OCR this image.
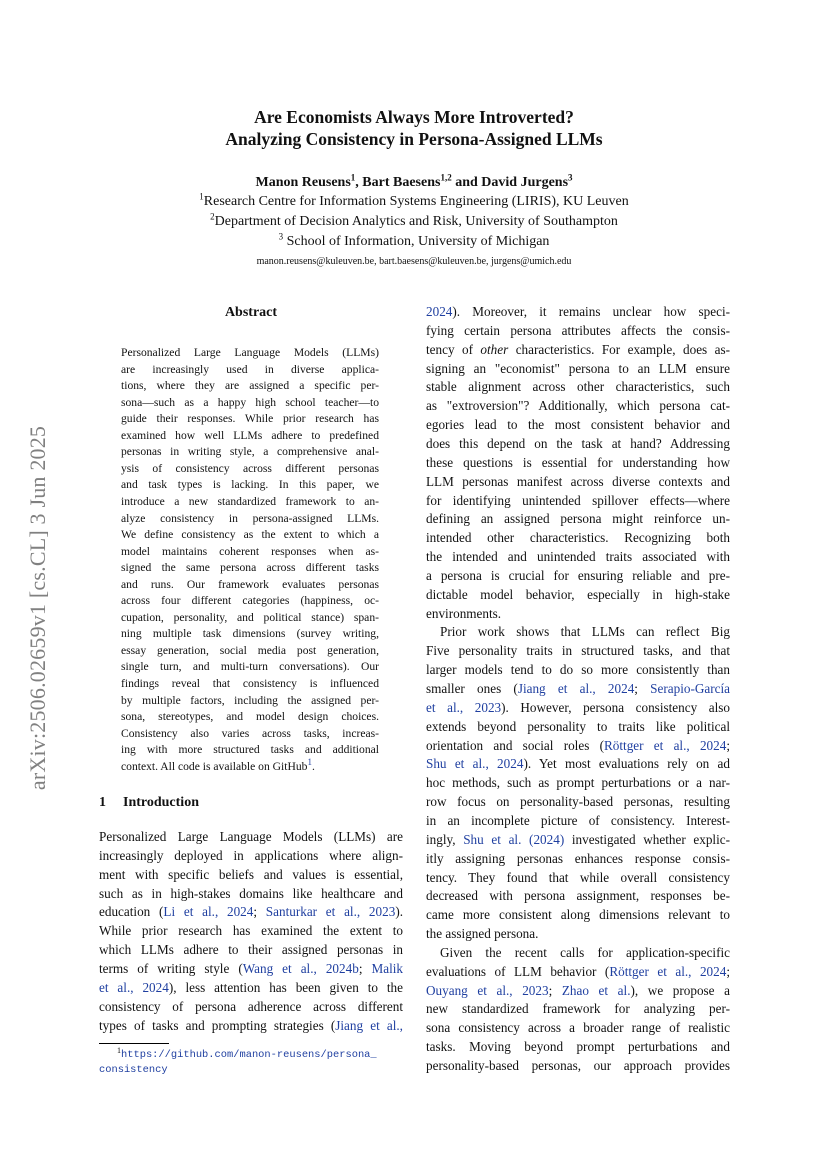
arXiv:2506.02659v1 [cs.CL] 3 Jun 2025
Are Economists Always More Introverted?
Analyzing Consistency in Persona-Assigned LLMs
Manon Reusens$^1$, Bart Baesens$^{1,2}$ and David Jurgens$^3$
$^1$Research Centre for Information Systems Engineering (LIRIS), KU Leuven
$^2$Department of Decision Analytics and Risk, University of Southampton
$^3$ School of Information, University of Michigan
manon.reusens@kuleuven.be, bart.baesens@kuleuven.be, jurgens@umich.edu
Abstract
Personalized Large Language Models (LLMs)
are increasingly used in diverse applica-
tions, where they are assigned a specific per-
sona—such as a happy high school teacher—to
guide their responses. While prior research has
examined how well LLMs adhere to predefined
personas in writing style, a comprehensive anal-
ysis of consistency across different personas
and task types is lacking. In this paper, we
introduce a new standardized framework to an-
alyze consistency in persona-assigned LLMs.
We define consistency as the extent to which a
model maintains coherent responses when as-
signed the same persona across different tasks
and runs. Our framework evaluates personas
across four different categories (happiness, oc-
cupation, personality, and political stance) span-
ning multiple task dimensions (survey writing,
essay generation, social media post generation,
single turn, and multi-turn conversations). Our
findings reveal that consistency is influenced
by multiple factors, including the assigned per-
sona, stereotypes, and model design choices.
Consistency also varies across tasks, increas-
ing with more structured tasks and additional
context. All code is available on GitHub$^1$.
1 Introduction
Personalized Large Language Models (LLMs) are
increasingly deployed in applications where align-
ment with specific beliefs and values is essential,
such as in high-stakes domains like healthcare and
education (Li et al., 2024; Santurkar et al., 2023).
While prior research has examined the extent to
which LLMs adhere to their assigned personas in
terms of writing style (Wang et al., 2024b; Malik
et al., 2024), less attention has been given to the
consistency of persona adherence across different
types of tasks and prompting strategies (Jiang et al.,
2024). Moreover, it remains unclear how speci-
fying certain persona attributes affects the consis-
tency of other characteristics. For example, does as-
signing an "economist" persona to an LLM ensure
stable alignment across other characteristics, such
as "extroversion"? Additionally, which persona cat-
egories lead to the most consistent behavior and
does this depend on the task at hand? Addressing
these questions is essential for understanding how
LLM personas manifest across diverse contexts and
for identifying unintended spillover effects—where
defining an assigned persona might reinforce un-
intended other characteristics. Recognizing both
the intended and unintended traits associated with
a persona is crucial for ensuring reliable and pre-
dictable model behavior, especially in high-stake
environments.
Prior work shows that LLMs can reflect Big
Five personality traits in structured tasks, and that
larger models tend to do so more consistently than
smaller ones (Jiang et al., 2024; Serapio-García
et al., 2023). However, persona consistency also
extends beyond personality to traits like political
orientation and social roles (Röttger et al., 2024;
Shu et al., 2024). Yet most evaluations rely on ad
hoc methods, such as prompt perturbations or a nar-
row focus on personality-based personas, resulting
in an incomplete picture of consistency. Interest-
ingly, Shu et al. (2024) investigated whether explic-
itly assigning personas enhances response consis-
tency. They found that while overall consistency
decreased with persona assignment, responses be-
came more consistent along dimensions relevant to
the assigned persona.
Given the recent calls for application-specific
evaluations of LLM behavior (Röttger et al., 2024;
Ouyang et al., 2023; Zhao et al.), we propose a
new standardized framework for analyzing per-
sona consistency across a broader range of realistic
tasks. Moving beyond prompt perturbations and
personality-based personas, our approach provides
$^1$https://github.com/manon-reusens/persona_
consistency
